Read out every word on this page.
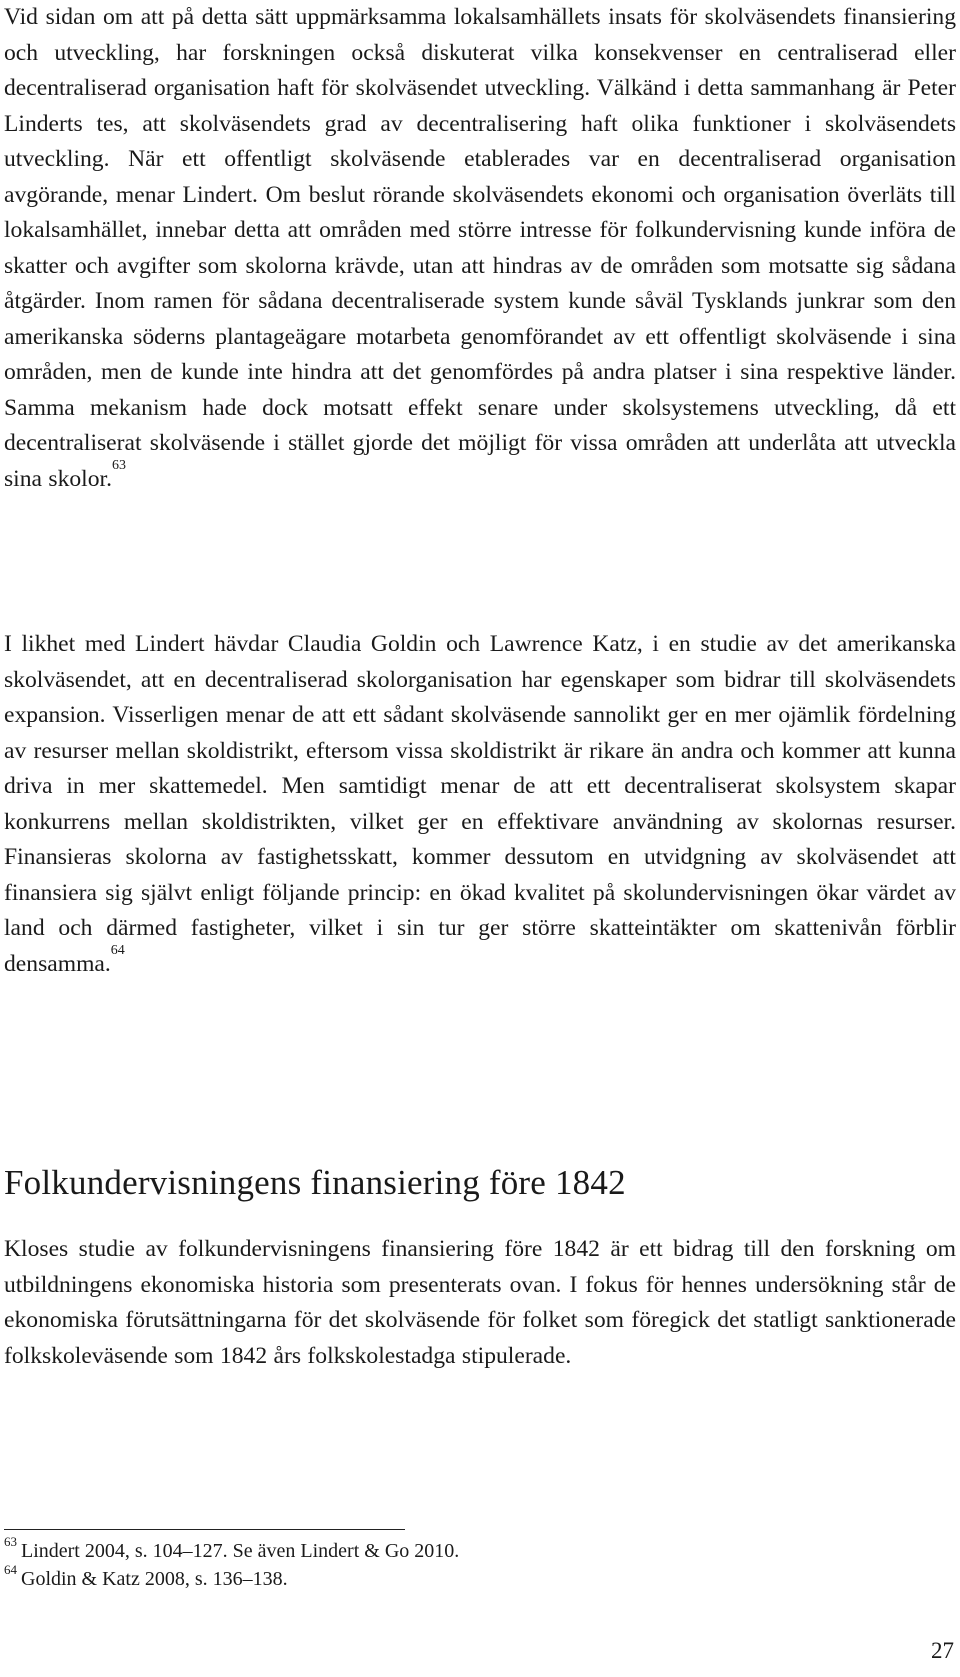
Vid sidan om att på detta sätt uppmärksamma lokalsamhällets insats för skolväsendets finansiering och utveckling, har forskningen också diskuterat vilka konsekvenser en centraliserad eller decentraliserad organisation haft för skolväsendet utveckling. Välkänd i detta sammanhang är Peter Linderts tes, att skolväsendets grad av decentralisering haft olika funktioner i skolväsendets utveckling. När ett offentligt skolväsende etablerades var en decentraliserad organisation avgörande, menar Lindert. Om beslut rörande skolväsendets ekonomi och organisation överläts till lokalsamhället, innebar detta att områden med större intresse för folkundervisning kunde införa de skatter och avgifter som skolorna krävde, utan att hindras av de områden som motsatte sig sådana åtgärder. Inom ramen för sådana decentraliserade system kunde såväl Tysklands junkrar som den amerikanska söderns plantageägare motarbeta genomförandet av ett offentligt skolväsende i sina områden, men de kunde inte hindra att det genomfördes på andra platser i sina respektive länder. Samma mekanism hade dock motsatt effekt senare under skolsystemens utveckling, då ett decentraliserat skolväsende i stället gjorde det möjligt för vissa områden att underlåta att utveckla sina skolor.$^{63}$

I likhet med Lindert hävdar Claudia Goldin och Lawrence Katz, i en studie av det amerikanska skolväsendet, att en decentraliserad skolorganisation har egenskaper som bidrar till skolväsendets expansion. Visserligen menar de att ett sådant skolväsende sannolikt ger en mer ojämlik fördelning av resurser mellan skoldistrikt, eftersom vissa skoldistrikt är rikare än andra och kommer att kunna driva in mer skattemedel. Men samtidigt menar de att ett decentraliserat skolsystem skapar konkurrens mellan skoldistrikten, vilket ger en effektivare användning av skolornas resurser. Finansieras skolorna av fastighetsskatt, kommer dessutom en utvidgning av skolväsendet att finansiera sig självt enligt följande princip: en ökad kvalitet på skolundervisningen ökar värdet av land och därmed fastigheter, vilket i sin tur ger större skatteintäkter om skattenivån förblir densamma.$^{64}$

Folkundervisningens finansiering före 1842

Kloses studie av folkundervisningens finansiering före 1842 är ett bidrag till den forskning om utbildningens ekonomiska historia som presenterats ovan. I fokus för hennes undersökning står de ekonomiska förutsättningarna för det skolväsende för folket som föregick det statligt sanktionerade folkskoleväsende som 1842 års folkskolestadga stipulerade.

$^{63}$ Lindert 2004, s. 104–127. Se även Lindert & Go 2010.

$^{64}$ Goldin & Katz 2008, s. 136–138.

27
